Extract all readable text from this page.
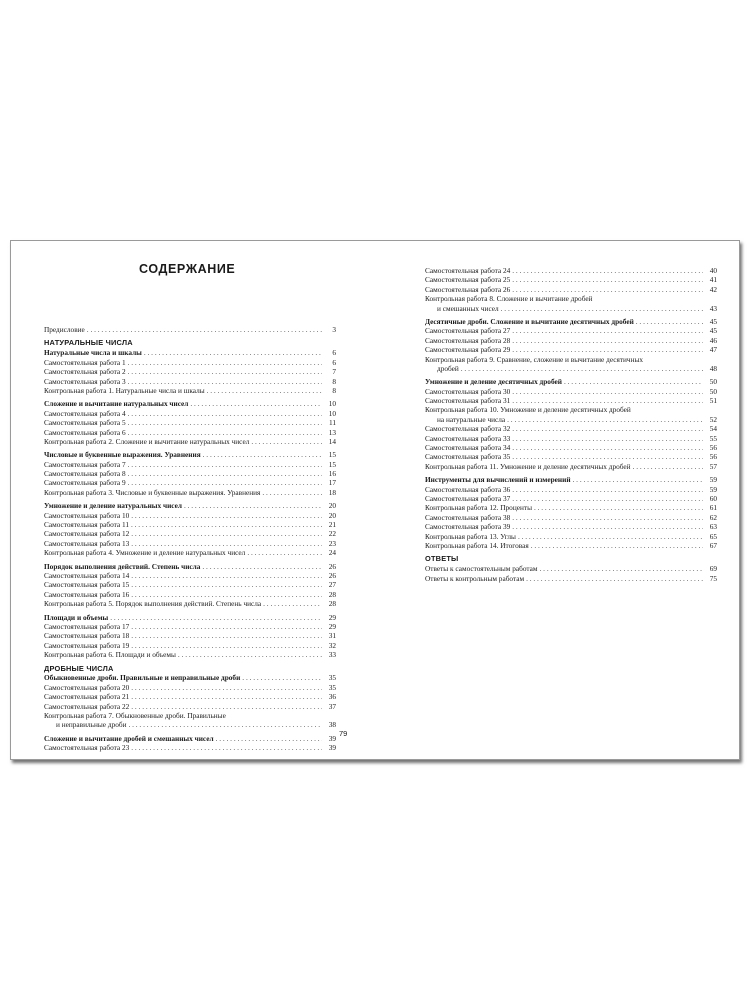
СОДЕРЖАНИЕ
Предисловие . . .	3
НАТУРАЛЬНЫЕ ЧИСЛА
Натуральные числа и шкалы . . .	6
Самостоятельная работа 1 . . .	6
Самостоятельная работа 2 . . .	7
Самостоятельная работа 3 . . .	8
Контрольная работа 1. Натуральные числа и шкалы . . .	8
Сложение и вычитание натуральных чисел . . .	10
Самостоятельная работа 4 . . .	10
Самостоятельная работа 5 . . .	11
Самостоятельная работа 6 . . .	13
Контрольная работа 2. Сложение и вычитание натуральных чисел . . .	14
Числовые и буквенные выражения. Уравнения . . .	15
Самостоятельная работа 7 . . .	15
Самостоятельная работа 8 . . .	16
Самостоятельная работа 9 . . .	17
Контрольная работа 3. Числовые и буквенные выражения. Уравнения . . .	18
Умножение и деление натуральных чисел . . .	20
Самостоятельная работа 10 . . .	20
Самостоятельная работа 11 . . .	21
Самостоятельная работа 12 . . .	22
Самостоятельная работа 13 . . .	23
Контрольная работа 4. Умножение и деление натуральных чисел . . .	24
Порядок выполнения действий. Степень числа . . .	26
Самостоятельная работа 14 . . .	26
Самостоятельная работа 15 . . .	27
Самостоятельная работа 16 . . .	28
Контрольная работа 5. Порядок выполнения действий. Степень числа . . .	28
Площади и объемы . . .	29
Самостоятельная работа 17 . . .	29
Самостоятельная работа 18 . . .	31
Самостоятельная работа 19 . . .	32
Контрольная работа 6. Площади и объемы . . .	33
ДРОБНЫЕ ЧИСЛА
Обыкновенные дроби. Правильные и неправильные дроби . . .	35
Самостоятельная работа 20 . . .	35
Самостоятельная работа 21 . . .	36
Самостоятельная работа 22 . . .	37
Контрольная работа 7. Обыкновенные дроби. Правильные
и неправильные дроби . . .	38
Сложение и вычитание дробей и смешанных чисел . . .	39
Самостоятельная работа 23 . . .	39
Самостоятельная работа 24 . . .	40
Самостоятельная работа 25 . . .	41
Самостоятельная работа 26 . . .	42
Контрольная работа 8. Сложение и вычитание дробей
и смешанных чисел . . .	43
Десятичные дроби. Сложение и вычитание десятичных дробей . . .	45
Самостоятельная работа 27 . . .	45
Самостоятельная работа 28 . . .	46
Самостоятельная работа 29 . . .	47
Контрольная работа 9. Сравнение, сложение и вычитание десятичных
дробей . . .	48
Умножение и деление десятичных дробей . . .	50
Самостоятельная работа 30 . . .	50
Самостоятельная работа 31 . . .	51
Контрольная работа 10. Умножение и деление десятичных дробей
на натуральные числа . . .	52
Самостоятельная работа 32 . . .	54
Самостоятельная работа 33 . . .	55
Самостоятельная работа 34 . . .	56
Самостоятельная работа 35 . . .	56
Контрольная работа 11. Умножение и деление десятичных дробей . . .	57
Инструменты для вычислений и измерений . . .	59
Самостоятельная работа 36 . . .	59
Самостоятельная работа 37 . . .	60
Контрольная работа 12. Проценты . . .	61
Самостоятельная работа 38 . . .	62
Самостоятельная работа 39 . . .	63
Контрольная работа 13. Углы . . .	65
Контрольная работа 14. Итоговая . . .	67
ОТВЕТЫ
Ответы к самостоятельным работам . . .	69
Ответы к контрольным работам . . .	75
79
